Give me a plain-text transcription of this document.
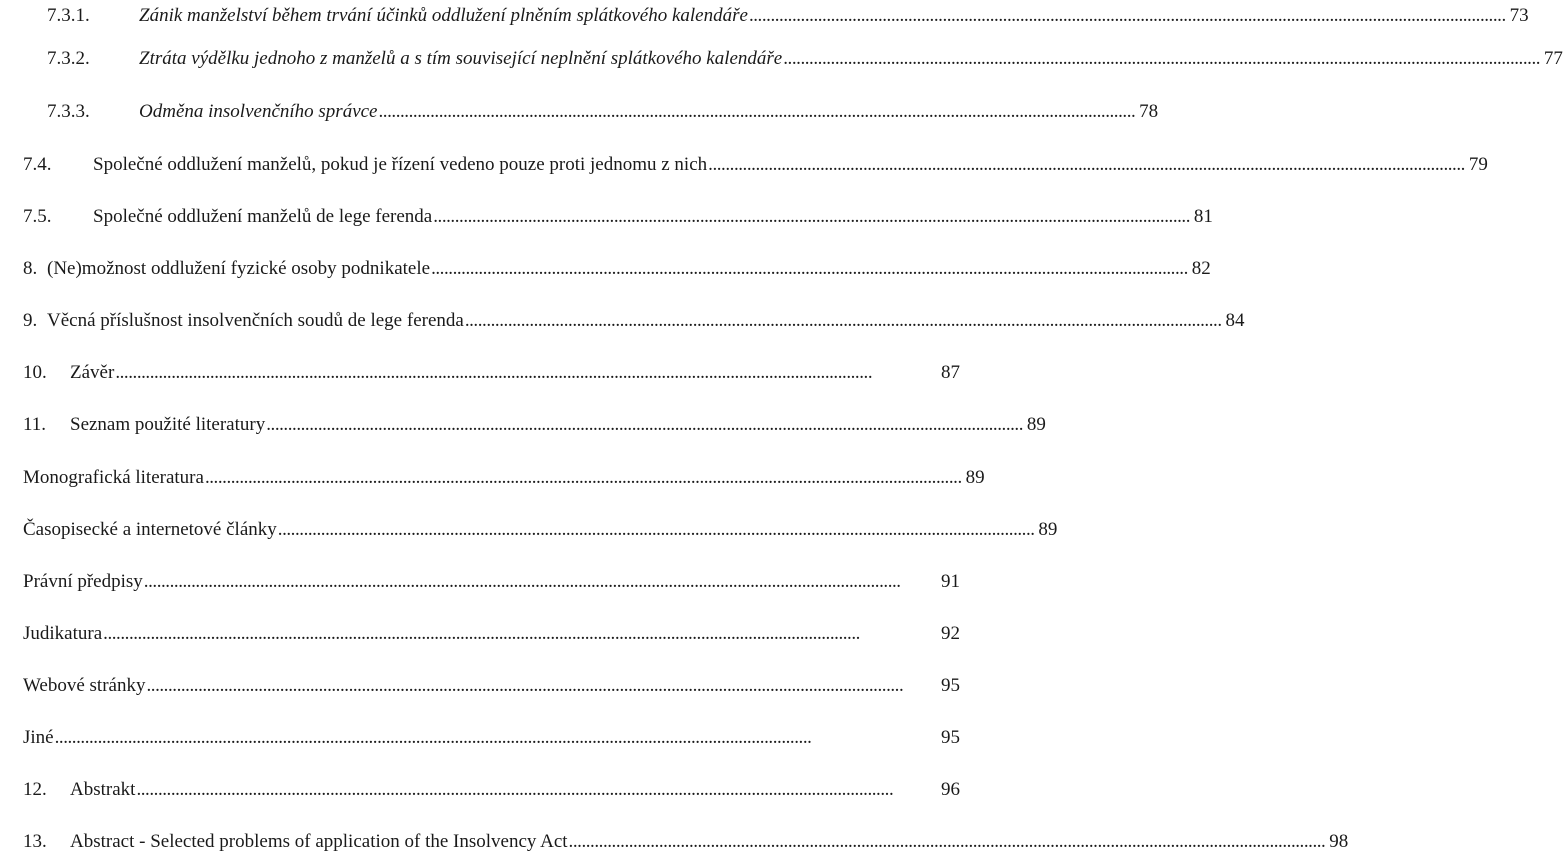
7.3.1.	Zánik manželství během trvání účinků oddlužení plněním splátkového kalendáře . . .	73
7.3.2.	Ztráta výdělku jednoho z manželů a s tím související neplnění splátkového kalendáře . . .	77
7.3.3.	Odměna insolvenčního správce . . .	78
7.4.	Společné oddlužení manželů, pokud je řízení vedeno pouze proti jednomu z nich . . .	79
7.5.	Společné oddlužení manželů de lege ferenda . . .	81
8. (Ne)možnost oddlužení fyzické osoby podnikatele . . .	82
9. Věcná příslušnost insolvenčních soudů de lege ferenda . . .	84
10.	Závěr . . .	87
11.	Seznam použité literatury . . .	89
Monografická literatura . . .	89
Časopisecké a internetové články . . .	89
Právní předpisy . . .	91
Judikatura . . .	92
Webové stránky . . .	95
Jiné . . .	95
12.	Abstrakt . . .	96
13.	Abstract - Selected problems of application of the Insolvency Act . . .	98
